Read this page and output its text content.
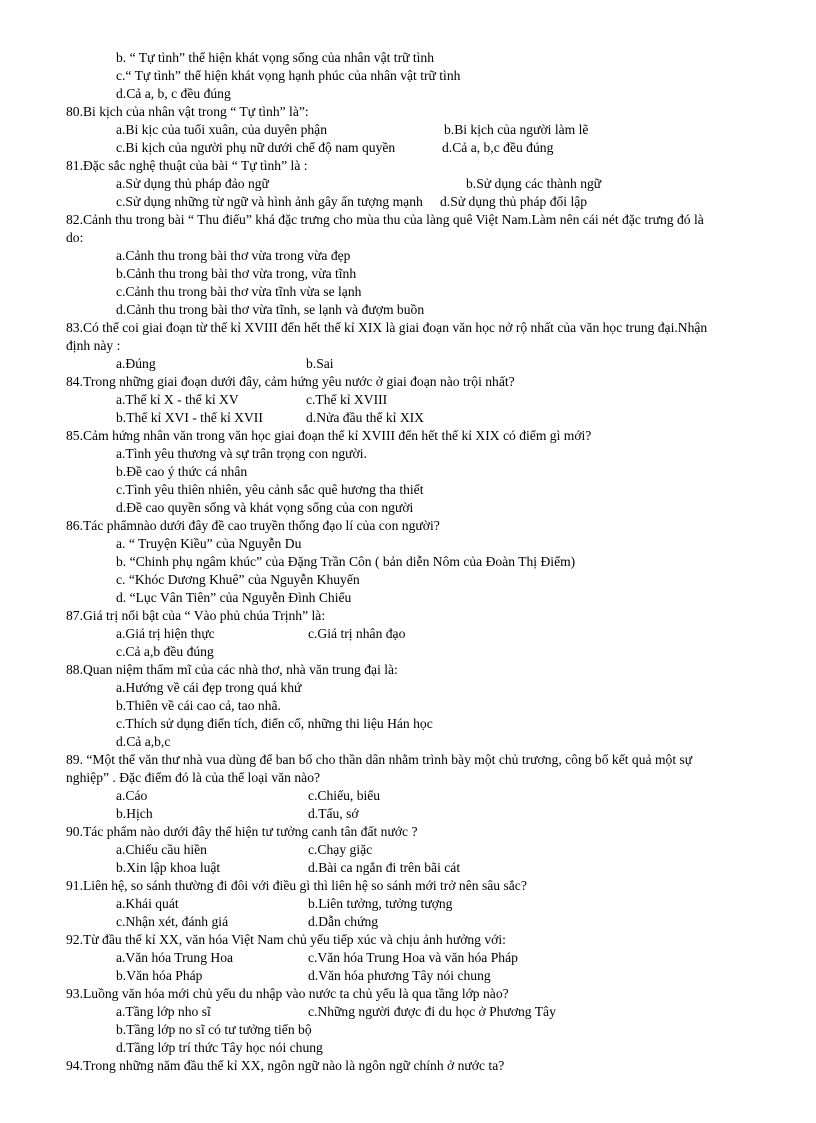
b. “ Tự tình” thể hiện khát vọng sống của nhân vật trữ tình
c.“ Tự tình” thể hiện khát vọng hạnh phúc của nhân vật trữ tình
d.Cả a, b, c đều đúng
80.Bi kịch của nhân vật trong “ Tự tình” là”:
a.Bi kịc của tuổi xuân, của duyên phận	b.Bi kịch của người làm lẽ
c.Bi kịch của người phụ nữ dưới chế độ nam quyền	d.Cả a, b,c đều đúng
81.Đặc sắc nghệ thuật của bài “ Tự tình” là :
a.Sử dụng thủ pháp đảo ngữ	b.Sử dụng các thành ngữ
c.Sử dụng những từ ngữ và hình ảnh gây ấn tượng mạnh d.Sử dụng thủ pháp đối lập
82.Cảnh thu trong bài “ Thu điếu” khá đặc trưng cho mùa thu của làng quê Việt Nam.Làm nên cái nét đặc trưng đó là
do:
a.Cảnh thu trong bài thơ vừa trong vừa đẹp
b.Cảnh thu trong bài thơ vừa trong, vừa tĩnh
c.Cảnh thu trong bài thơ vừa tĩnh vừa se lạnh
d.Cảnh thu trong bài thơ vừa tĩnh, se lạnh và đượm buồn
83.Có thể coi giai đoạn từ thế kỉ XVIII đến hết thế kỉ XIX là giai đoạn văn học nở rộ nhất của văn học trung đại.Nhận
định này :
a.Đúng	b.Sai
84.Trong những giai đoạn dưới đây, cảm hứng yêu nước ở giai đoạn nào trội nhất?
a.Thế kỉ X - thế kỉ XV	c.Thế kỉ XVIII
b.Thế kỉ XVI - thế kỉ XVII	d.Nửa đầu thế kỉ XIX
85.Cảm hứng nhân văn trong văn học giai đoạn thế kỉ XVIII đến hết thế kỉ XIX có điểm gì mới?
a.Tình yêu thương và sự trân trọng con người.
b.Đề cao ý thức cá nhân
c.Tình yêu thiên nhiên, yêu cảnh sắc quê hương tha thiết
d.Đề cao quyền sống và khát vọng sống của con người
86.Tác phẩmnào dưới đây đề cao truyền thống đạo lí của con người?
a. “ Truyện Kiều” của Nguyễn Du
b. “Chinh phụ ngâm khúc” của Đặng Trần Côn ( bản diễn Nôm của Đoàn Thị Điểm)
c. “Khóc Dương Khuê” của Nguyễn Khuyến
d. “Lục Vân Tiên” của Nguyễn Đình Chiểu
87.Giá trị nổi bật của “ Vào phủ chúa Trịnh” là:
a.Giá trị hiện thực	c.Giá trị nhân đạo
c.Cả a,b đều đúng
88.Quan niệm thẩm mĩ của các nhà thơ, nhà văn trung đại là:
a.Hướng về cái đẹp trong quá khứ
b.Thiên về cái cao cả, tao nhã.
c.Thích sử dụng điển tích, điển cố, những thi liệu Hán học
d.Cả a,b,c
89. “Một thể văn thư nhà vua dùng để ban bố cho thần dân nhằm trình bày một chủ trương, công bố kết quả một sự
nghiệp” . Đặc điểm đó là của thể loại văn nào?
a.Cáo	c.Chiếu, biểu
b.Hịch	d.Tấu, sớ
90.Tác phẩm nào dưới đây thể hiện tư tưởng canh tân đất nước ?
a.Chiếu cầu hiền	c.Chạy giặc
b.Xin lập khoa luật	d.Bài ca ngắn đi trên bãi cát
91.Liên hệ, so sánh thường đi đôi với điều gì thì liên hệ so sánh mới trở nên sâu sắc?
a.Khái quát	b.Liên tưởng, tưởng tượng
c.Nhận xét, đánh giá	d.Dẫn chứng
92.Từ đầu thế kỉ XX, văn hóa Việt Nam chủ yếu tiếp xúc và chịu ảnh hưởng với:
a.Văn hóa Trung Hoa	c.Văn hóa Trung Hoa và văn hóa Pháp
b.Văn hóa Pháp	d.Văn hóa phương Tây nói chung
93.Luồng văn hóa mới chủ yếu du nhập vào nước ta chủ yếu là qua tầng lớp nào?
a.Tầng lớp nho sĩ	c.Những người được đi du học ở Phương Tây
b.Tầng lớp no sĩ có tư tưởng tiến bộ
d.Tầng lớp trí thức Tây học nói chung
94.Trong những năm đầu thế kỉ XX, ngôn ngữ nào là ngôn ngữ chính ở nước ta?
